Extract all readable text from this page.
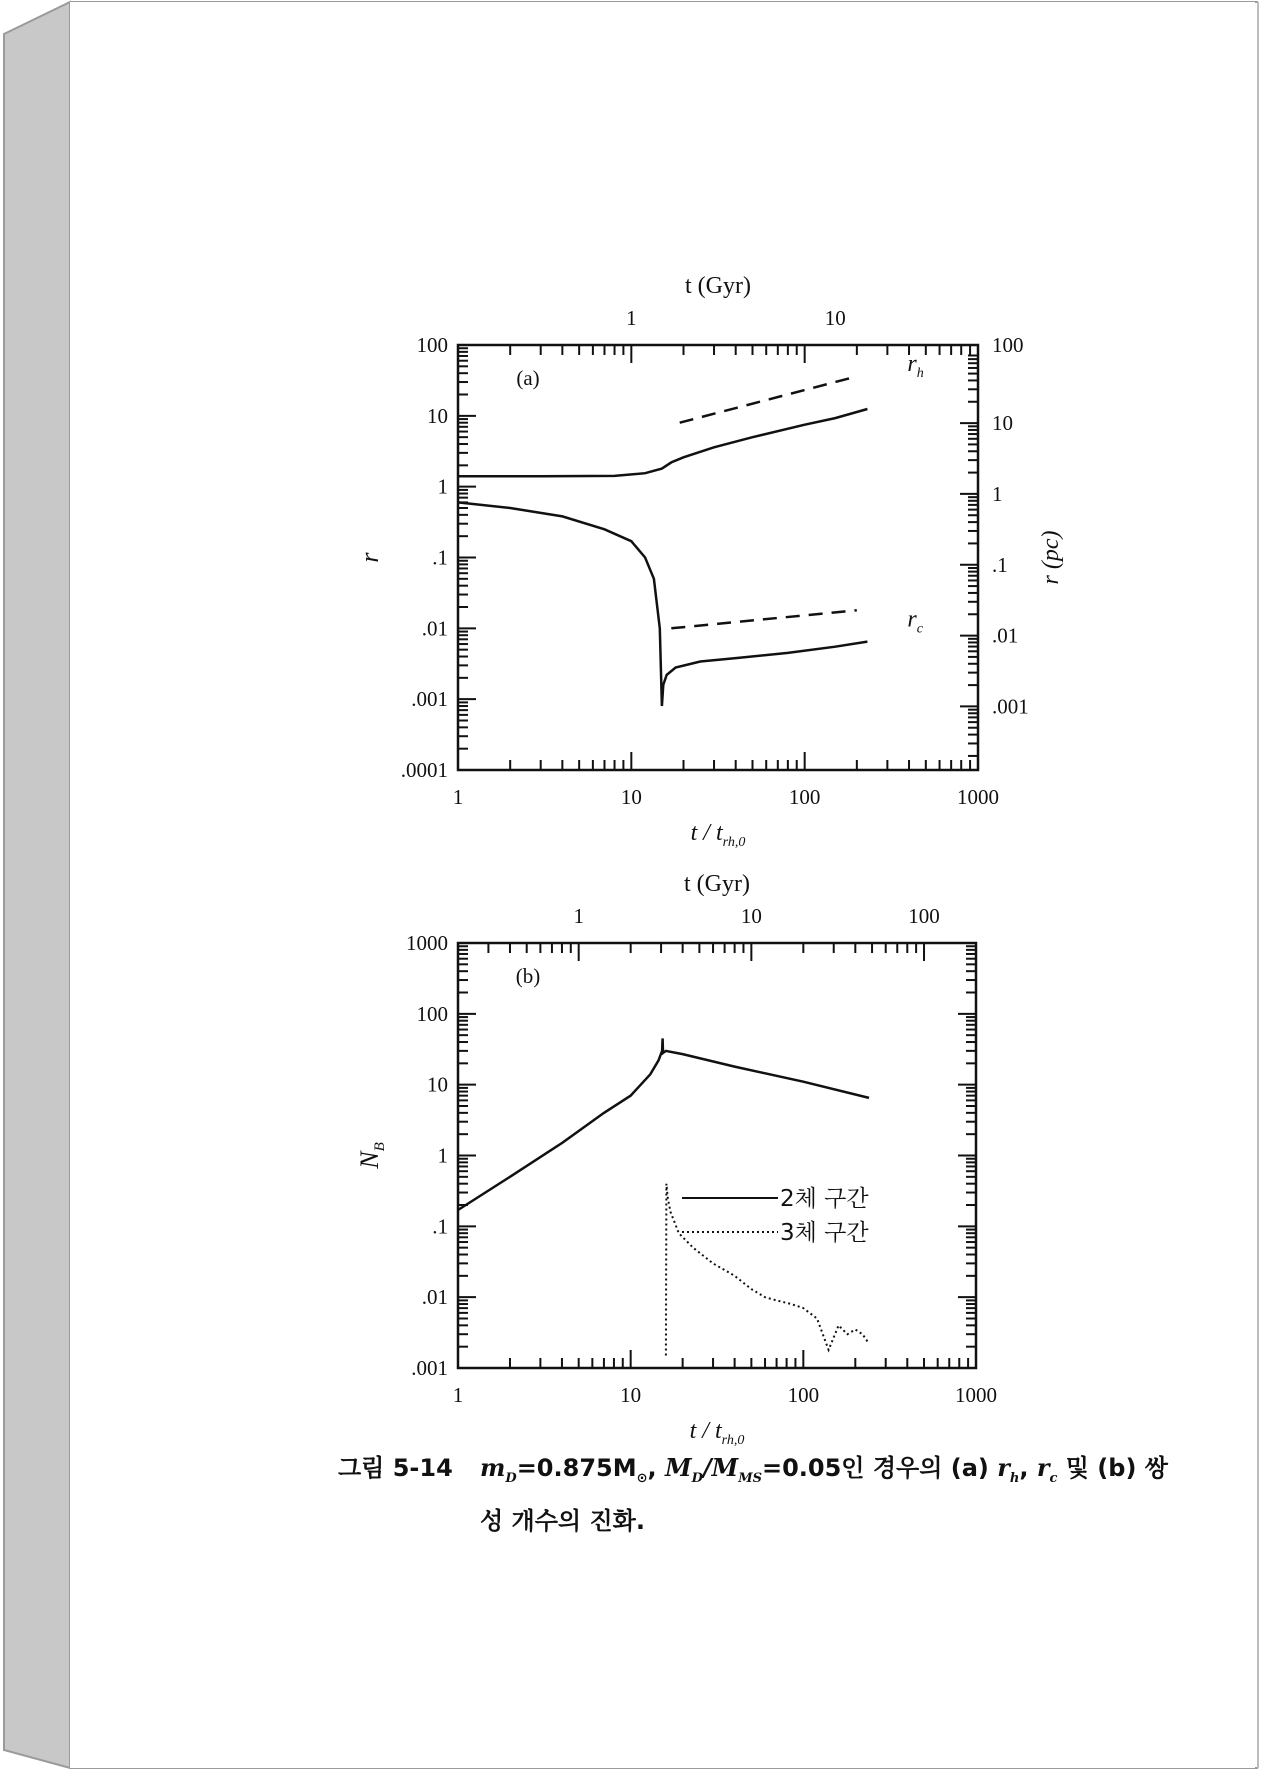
1	10	100	1000
.0001
.001
.01
.1
1
10
100
1	10
100
10
1
.1
.01
.001
t / $t_{rh,0}$
t (Gyr)
r	r (pc)
(a)
$r_h$
$r_c$
1	10	100	1000
.001
.01
.1
1
10
100
1000
1	10	100
t / $t_{rh,0}$
t (Gyr)
$N_B$
(b)
2체 구간
3체 구간
그림 5-14 $m_D=0.875M_⊙$, $M_D/M_{MS}=0.05$인 경우의 (a) $r_h$, $r_c$ 및 (b) 쌍
성 개수의 진화.
